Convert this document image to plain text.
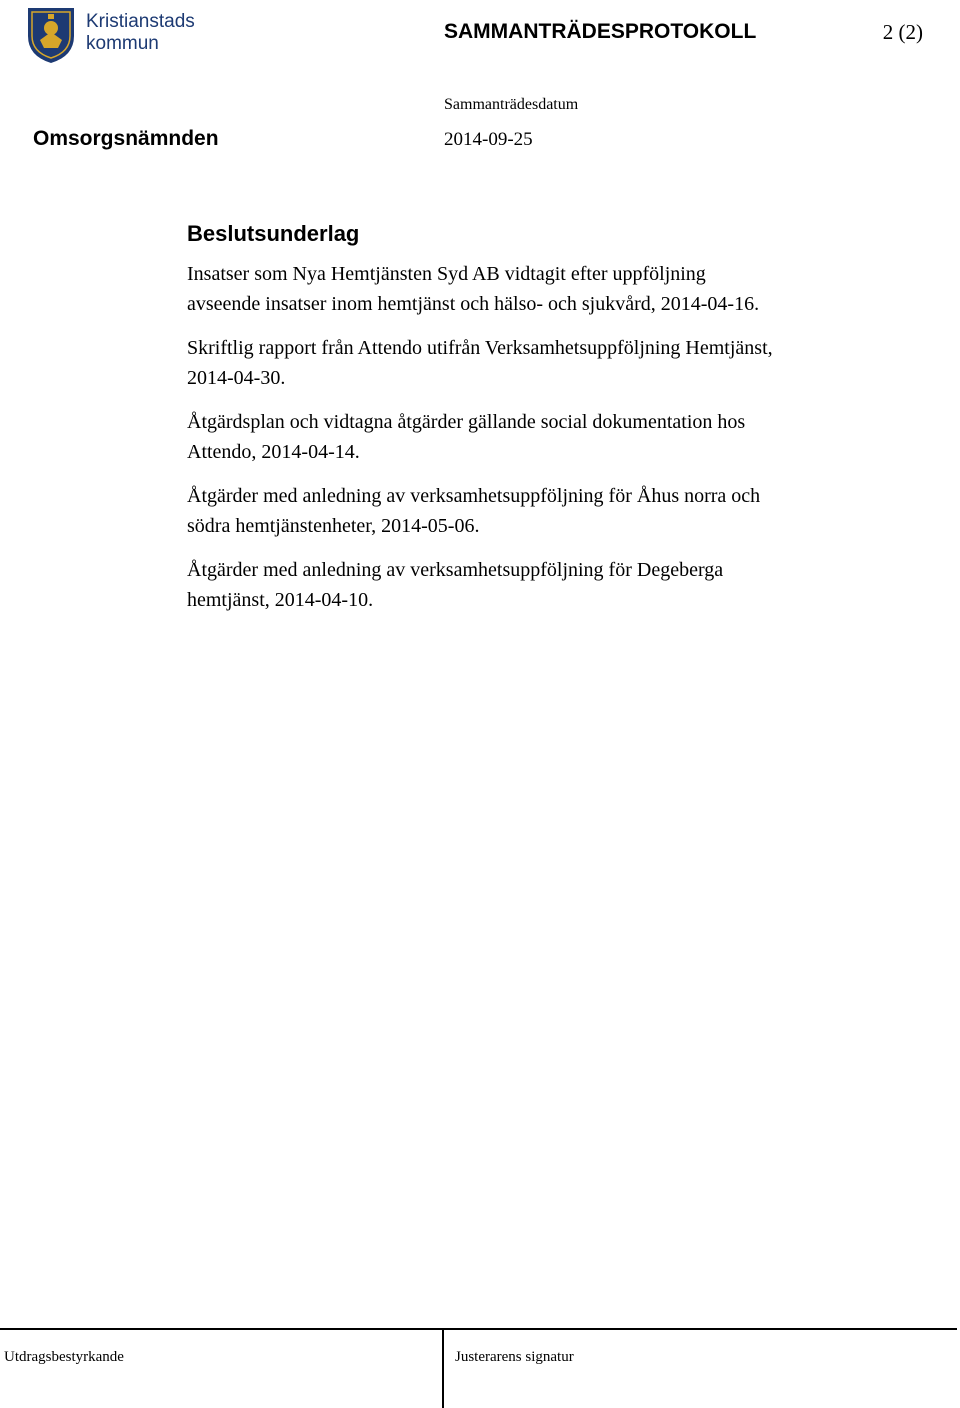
Kristianstads
kommun
SAMMANTRÄDESPROTOKOLL	2 (2)
Sammanträdesdatum
Omsorgsnämnden	2014-09-25
Beslutsunderlag

Insatser som Nya Hemtjänsten Syd AB vidtagit efter uppföljning
avseende insatser inom hemtjänst och hälso- och sjukvård, 2014-04-16.

Skriftlig rapport från Attendo utifrån Verksamhetsuppföljning Hemtjänst,
2014-04-30.

Åtgärdsplan och vidtagna åtgärder gällande social dokumentation hos
Attendo, 2014-04-14.

Åtgärder med anledning av verksamhetsuppföljning för Åhus norra och
södra hemtjänstenheter, 2014-05-06.

Åtgärder med anledning av verksamhetsuppföljning för Degeberga
hemtjänst, 2014-04-10.

Utdragsbestyrkande	Justerarens signatur
